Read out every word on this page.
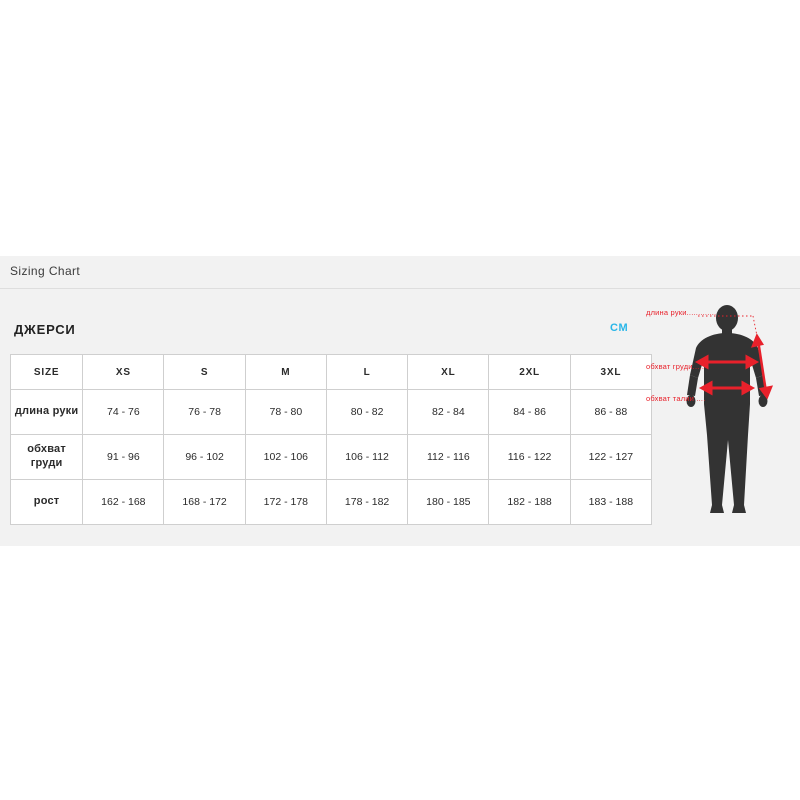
Sizing Chart
ДЖЕРСИ	CM
SIZE	XS	S	M	L	XL	2XL	3XL
длина руки	74 - 76	76 - 78	78 - 80	80 - 82	82 - 84	84 - 86	86 - 88
обхват груди	91 - 96	96 - 102	102 - 106	106 - 112	112 - 116	116 - 122	122 - 127
рост	162 - 168	168 - 172	172 - 178	178 - 182	180 - 185	182 - 188	183 - 188
длина руки.............
обхват груди.....
обхват талии ....
